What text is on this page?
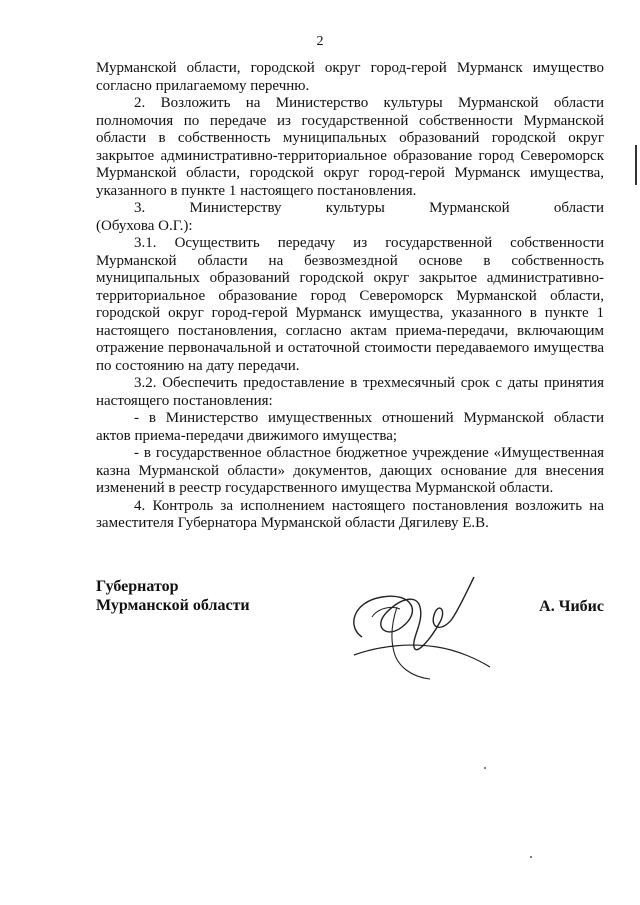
2

Мурманской области, городской округ город-герой Мурманск имущество согласно прилагаемому перечню.

2. Возложить на Министерство культуры Мурманской области полномочия по передаче из государственной собственности Мурманской области в собственность муниципальных образований городской округ закрытое административно-территориальное образование город Североморск Мурманской области, городской округ город-герой Мурманск имущества, указанного в пункте 1 настоящего постановления.

3. Министерству культуры Мурманской области

(Обухова О.Г.):

3.1. Осуществить передачу из государственной собственности Мурманской области на безвозмездной основе в собственность муниципальных образований городской округ закрытое административно-территориальное образование город Североморск Мурманской области, городской округ город-герой Мурманск имущества, указанного в пункте 1 настоящего постановления, согласно актам приема-передачи, включающим отражение первоначальной и остаточной стоимости передаваемого имущества по состоянию на дату передачи.

3.2. Обеспечить предоставление в трехмесячный срок с даты принятия настоящего постановления:

- в Министерство имущественных отношений Мурманской области актов приема-передачи движимого имущества;

- в государственное областное бюджетное учреждение «Имущественная казна Мурманской области» документов, дающих основание для внесения изменений в реестр государственного имущества Мурманской области.

4. Контроль за исполнением настоящего постановления возложить на заместителя Губернатора Мурманской области Дягилеву Е.В.

Губернатор
Мурманской области	А. Чибис
